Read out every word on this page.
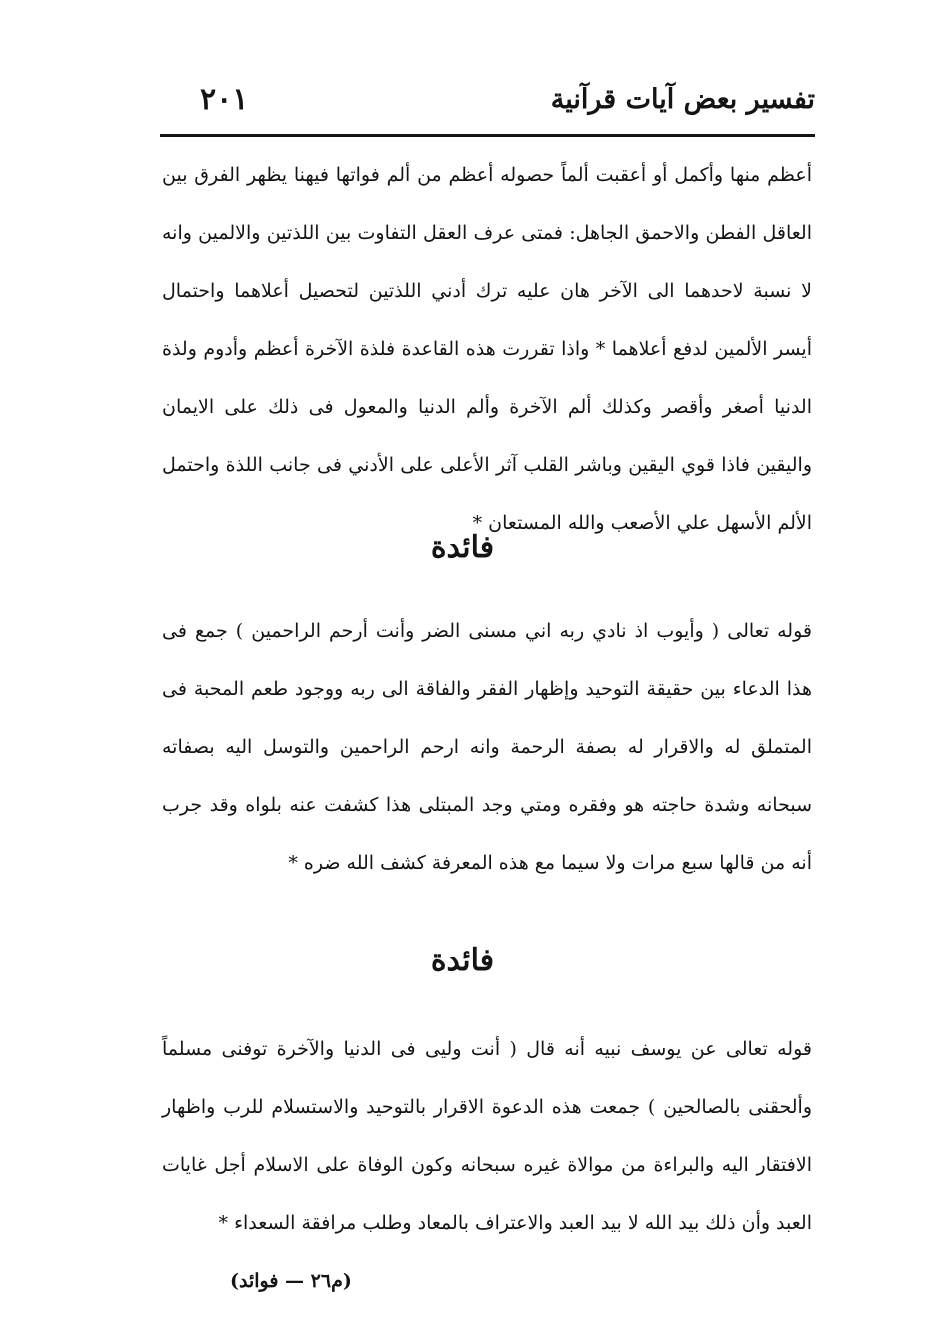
تفسير بعض آيات قرآنية
٢٠١

أعظم منها وأكمل أو أعقبت ألماً حصوله أعظم من ألم فواتها فيهنا يظهر الفرق بين العاقل الفطن والاحمق الجاهل: فمتى عرف العقل التفاوت بين اللذتين والالمين وانه لا نسبة لاحدهما الى الآخر هان عليه ترك أدني اللذتين لتحصيل أعلاهما واحتمال أيسر الألمين لدفع أعلاهما * واذا تقررت هذه القاعدة فلذة الآخرة أعظم وأدوم ولذة الدنيا أصغر وأقصر وكذلك ألم الآخرة وألم الدنيا والمعول فى ذلك على الايمان واليقين فاذا قوي اليقين وباشر القلب آثر الأعلى على الأدني فى جانب اللذة واحتمل الألم الأسهل علي الأصعب والله المستعان *

فائدة

قوله تعالى ( وأيوب اذ نادي ربه اني مسنى الضر وأنت أرحم الراحمين ) جمع فى هذا الدعاء بين حقيقة التوحيد وإظهار الفقر والفاقة الى ربه ووجود طعم المحبة فى المتملق له والاقرار له بصفة الرحمة وانه ارحم الراحمين والتوسل اليه بصفاته سبحانه وشدة حاجته هو وفقره ومتي وجد المبتلى هذا كشفت عنه بلواه وقد جرب أنه من قالها سبع مرات ولا سيما مع هذه المعرفة كشف الله ضره *

فائدة

قوله تعالى عن يوسف نبيه أنه قال ( أنت وليى فى الدنيا والآخرة توفنى مسلماً وألحقنى بالصالحين ) جمعت هذه الدعوة الاقرار بالتوحيد والاستسلام للرب واظهار الافتقار اليه والبراءة من موالاة غيره سبحانه وكون الوفاة على الاسلام أجل غايات العبد وأن ذلك بيد الله لا بيد العبد والاعتراف بالمعاد وطلب مرافقة السعداء *

(م٢٦ — فوائد)
